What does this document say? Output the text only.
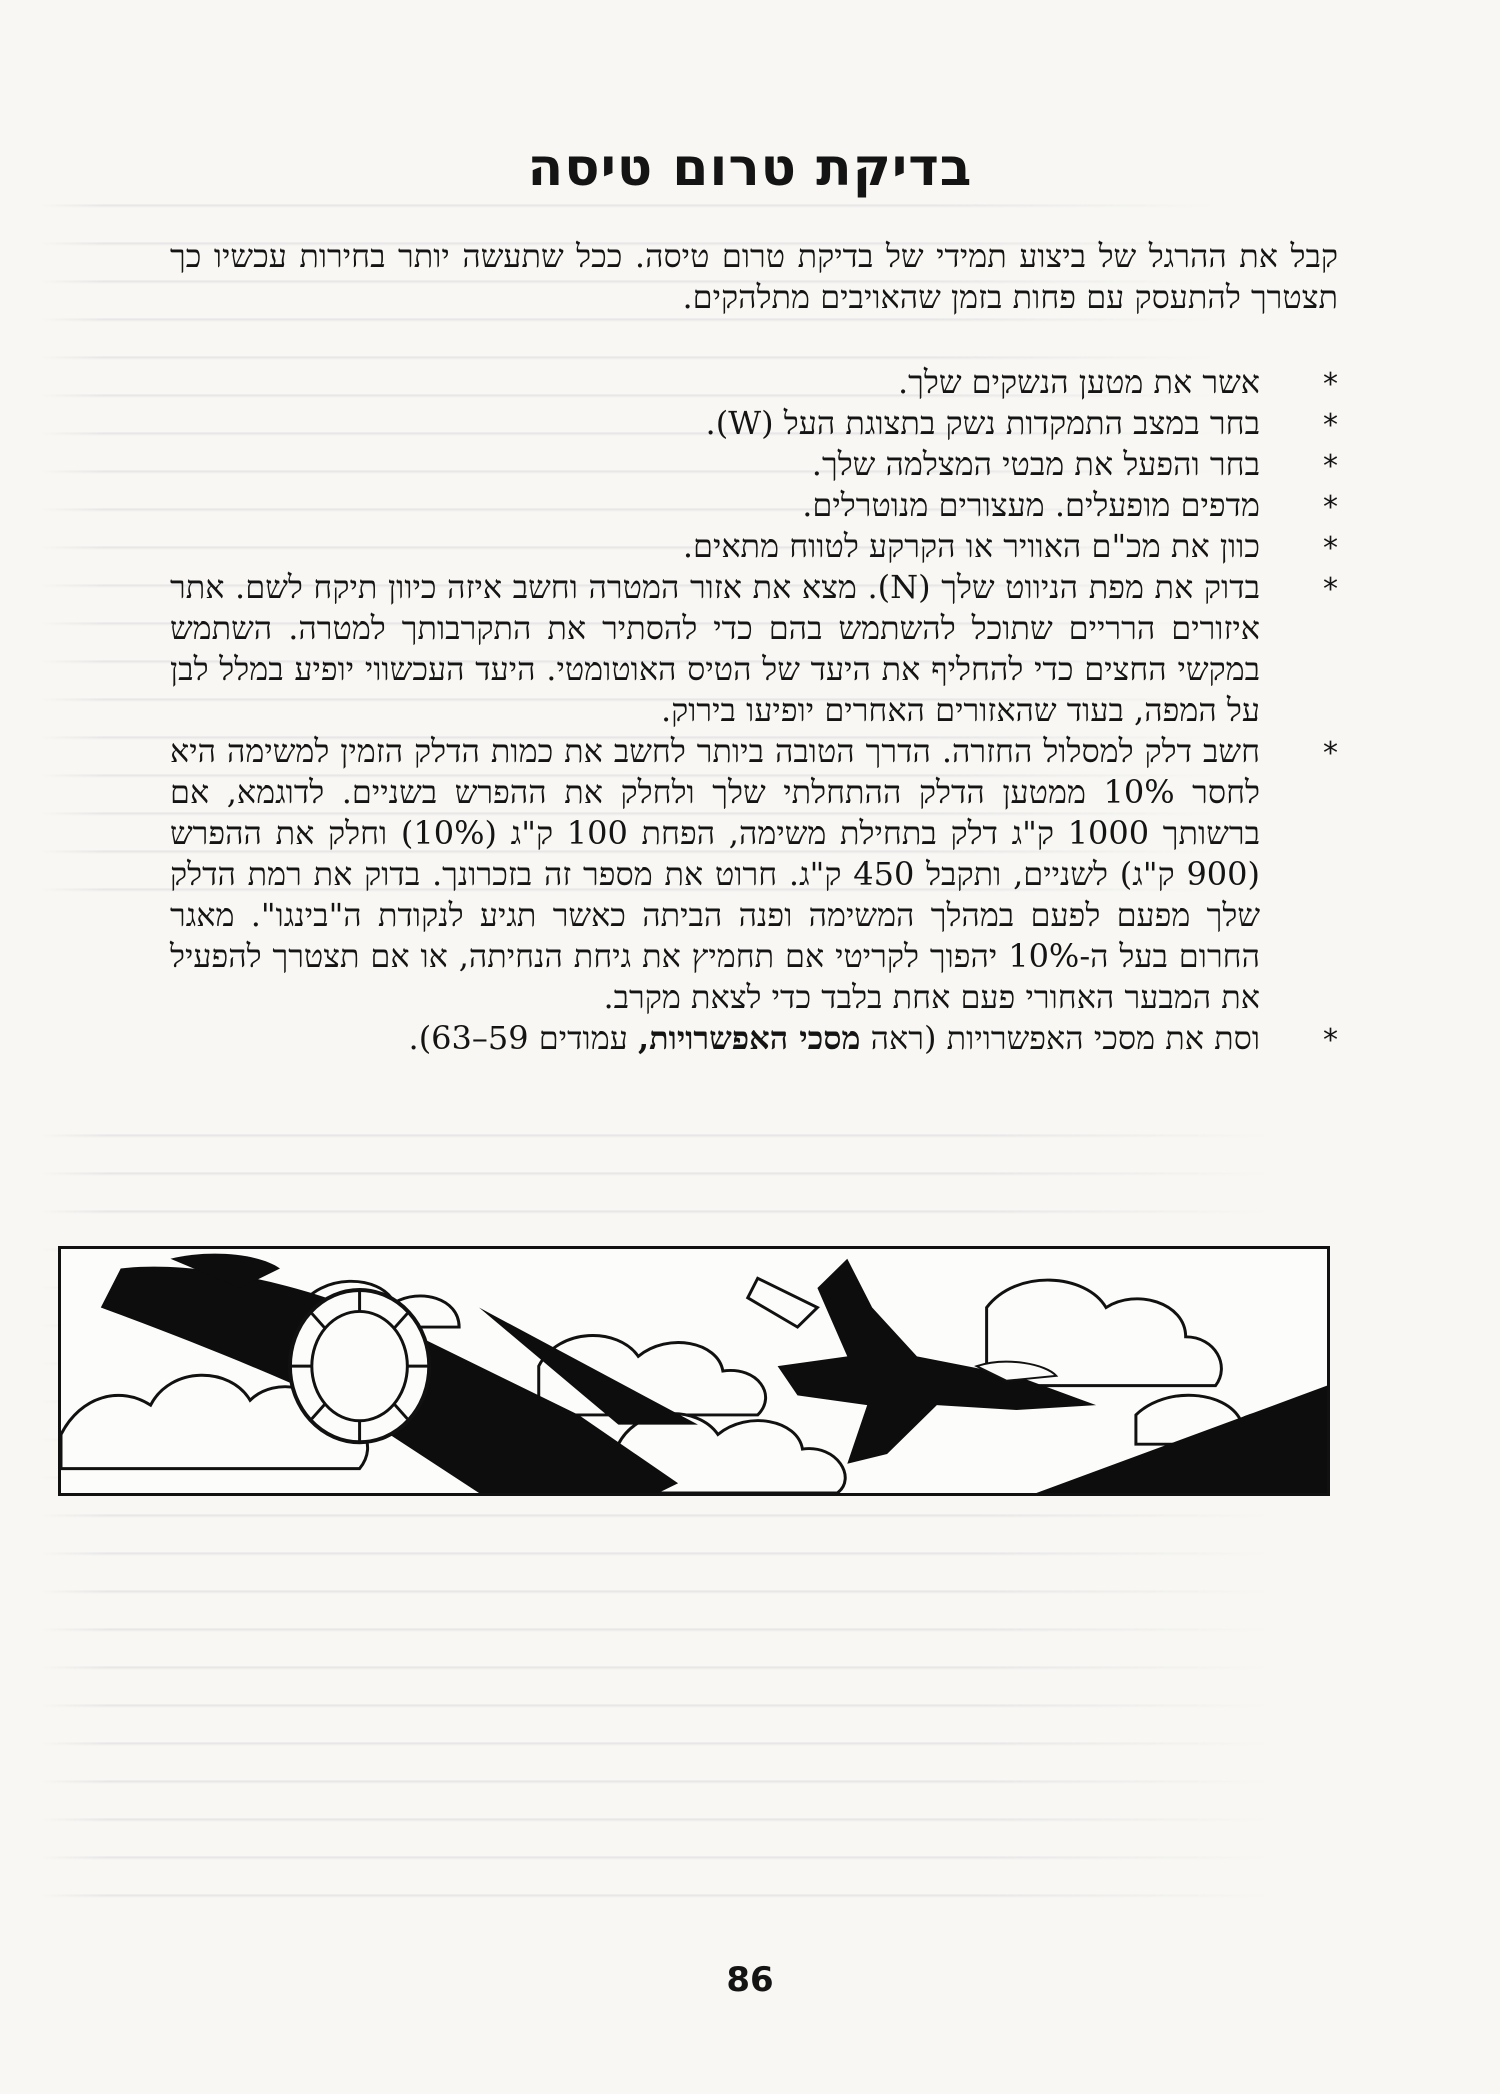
בדיקת טרום טיסה

קבל את ההרגל של ביצוע תמידי של בדיקת טרום טיסה. ככל שתעשה יותר בחירות עכשיו כך תצטרך להתעסק עם פחות בזמן שהאויבים מתלהקים.

*
אשר את מטען הנשקים שלך.
*
בחר במצב התמקדות נשק בתצוגת העל (W).
*
בחר והפעל את מבטי המצלמה שלך.
*
מדפים מופעלים. מעצורים מנוטרלים.
*
כוון את מכ"ם האוויר או הקרקע לטווח מתאים.
*
בדוק את מפת הניווט שלך (N). מצא את אזור המטרה וחשב איזה כיוון תיקח לשם. אתר איזורים הרריים שתוכל להשתמש בהם כדי להסתיר את התקרבותך למטרה. השתמש במקשי החצים כדי להחליף את היעד של הטיס האוטומטי. היעד העכשווי יופיע במלל לבן על המפה, בעוד שהאזורים האחרים יופיעו בירוק.
*
חשב דלק למסלול החזרה. הדרך הטובה ביותר לחשב את כמות הדלק הזמין למשימה היא לחסר 10% ממטען הדלק ההתחלתי שלך ולחלק את ההפרש בשניים. לדוגמא, אם ברשותך 1000 ק"ג דלק בתחילת משימה, הפחת 100 ק"ג (10%) וחלק את ההפרש (900 ק"ג) לשניים, ותקבל 450 ק"ג. חרוט את מספר זה בזכרונך. בדוק את רמת הדלק שלך מפעם לפעם במהלך המשימה ופנה הביתה כאשר תגיע לנקודת ה"בינגו". מאגר החרום בעל ה-10% יהפוך לקריטי אם תחמיץ את גיחת הנחיתה, או אם תצטרך להפעיל את המבער האחורי פעם אחת בלבד כדי לצאת מקרב.
*
וסת את מסכי האפשרויות (ראה מסכי האפשרויות, עמודים 59–63).

86
